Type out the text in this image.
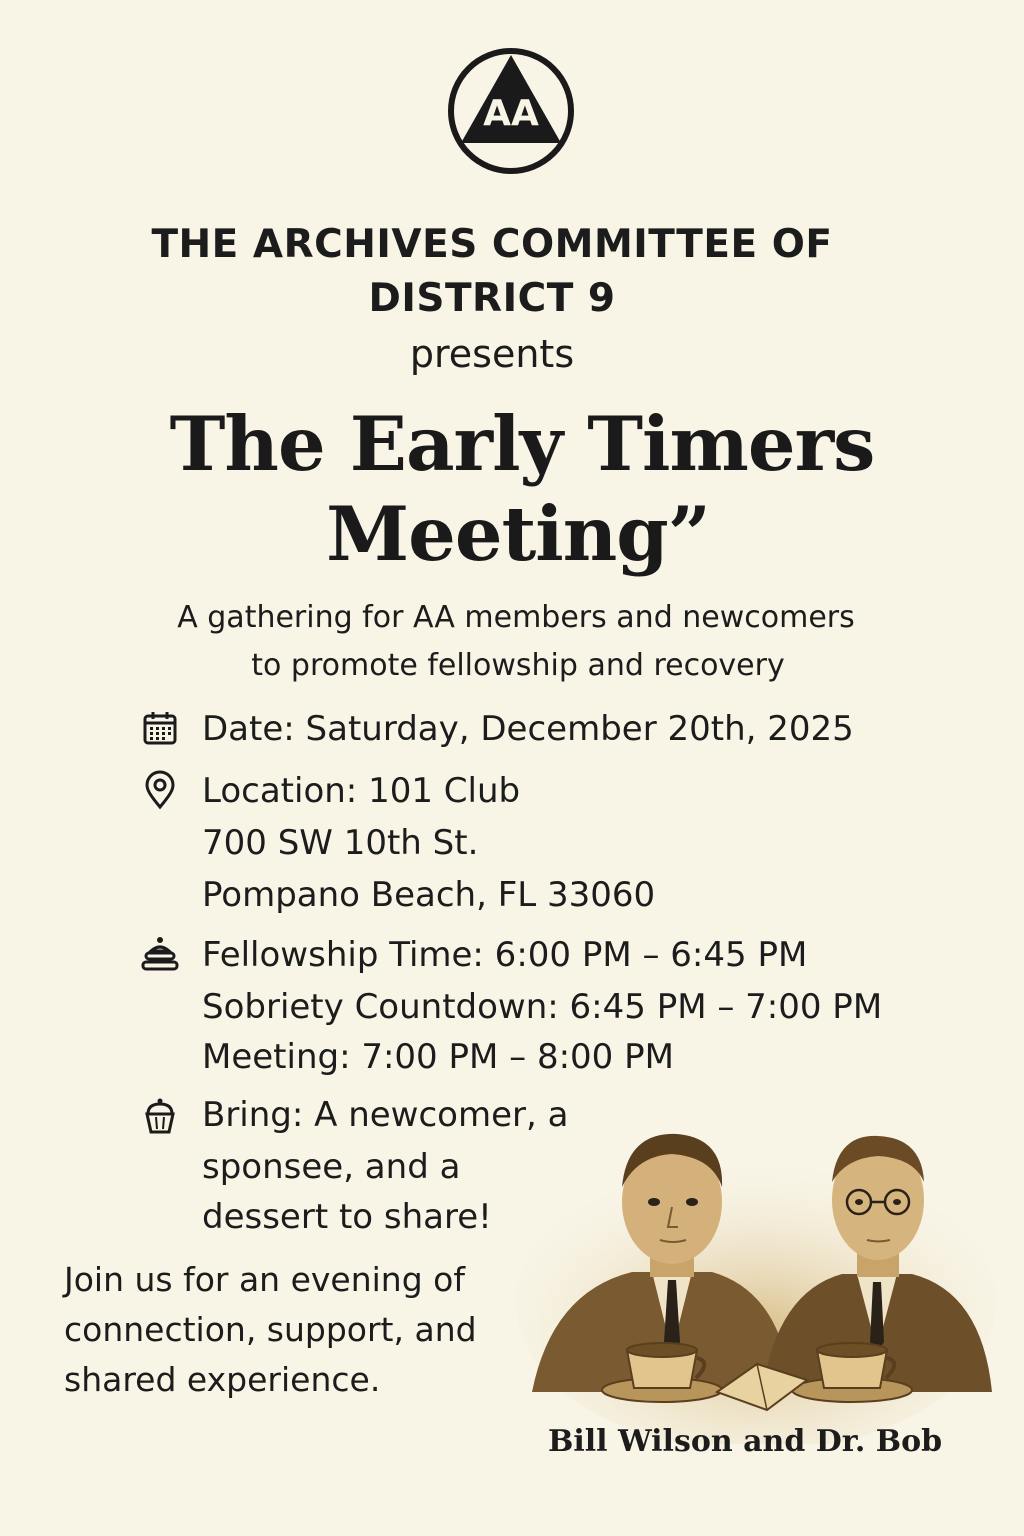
AA
THE ARCHIVES COMMITTEE OF
DISTRICT 9
presents
The Early Timers
Meeting”
A gathering for AA members and newcomers
to promote fellowship and recovery
Date: Saturday, December 20th, 2025
Location: 101 Club
700 SW 10th St.
Pompano Beach, FL 33060
Fellowship Time: 6:00 PM – 6:45 PM
Sobriety Countdown: 6:45 PM – 7:00 PM
Meeting: 7:00 PM – 8:00 PM
Bring: A newcomer, a
sponsee, and a
dessert to share!
Join us for an evening of
connection, support, and
shared experience.
Bill Wilson and Dr. Bob
